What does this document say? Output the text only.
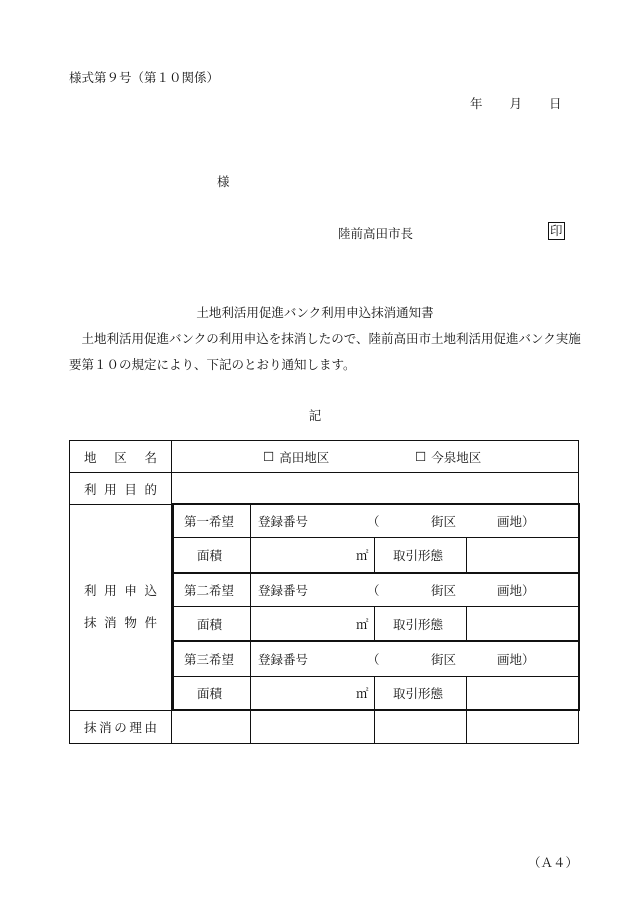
様式第９号（第１０関係）
年 月 日
様
陸前高田市長	印
土地利活用促進バンク利用申込抹消通知書
　土地利活用促進バンクの利用申込を抹消したので、陸前高田市土地利活用促進バンク実施要第１０の規定により、下記のとおり通知します。
記
地 区 名	☐ 高田地区	☐ 今泉地区
利 用 目 的
利 用 申 込
抹 消 物 件
第一希望 登録番号	（	街区	画地）
面積	㎡ 取引形態
第二希望 登録番号	（	街区	画地）
面積	㎡ 取引形態
第三希望 登録番号	（	街区	画地）
面積	㎡ 取引形態
抹 消 の 理 由
（Ａ４）
